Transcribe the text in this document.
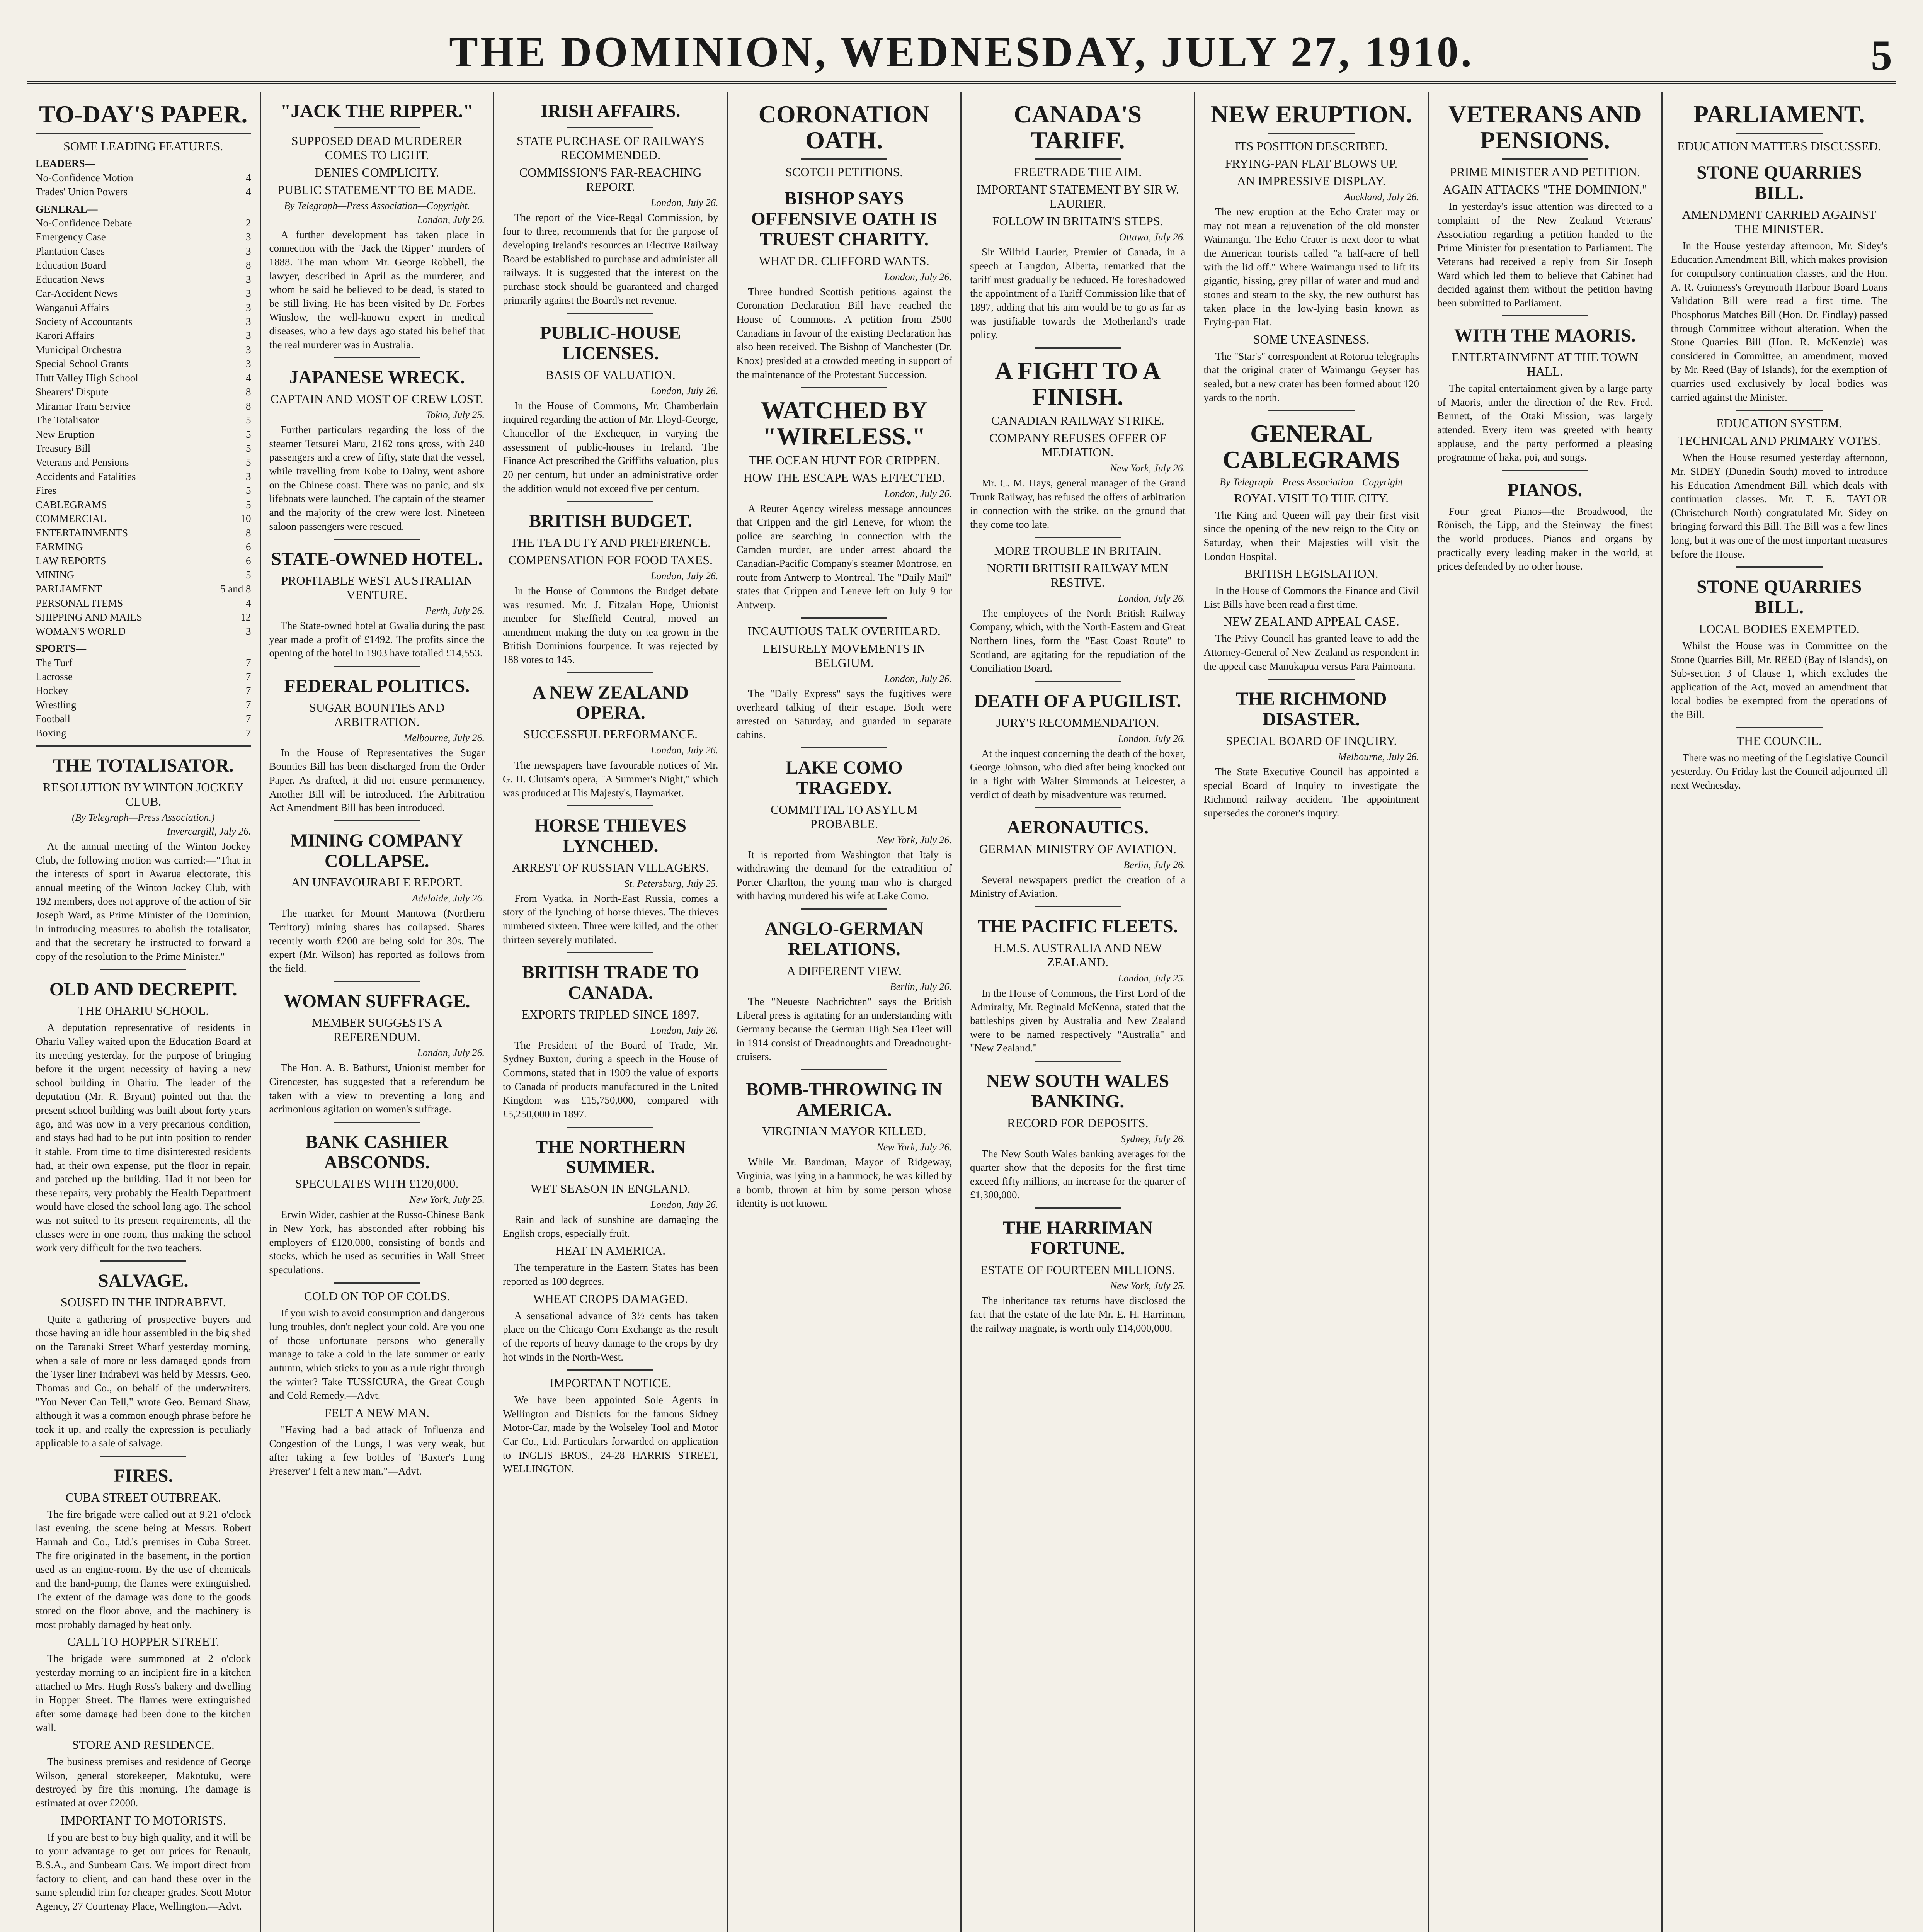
THE DOMINION, WEDNESDAY, JULY 27, 1910.	5
TO-DAY'S PAPER.
SOME LEADING FEATURES.
LEADERS—
No-Confidence Motion	4
Trades' Union Powers	4
GENERAL—
No-Confidence Debate	2
Emergency Case	3
Plantation Cases	3
Education Board	8
Education News	3
Car-Accident News	3
Wanganui Affairs	3
Society of Accountants	3
Karori Affairs	3
Municipal Orchestra	3
Special School Grants	3
Hutt Valley High School	4
Shearers' Dispute	8
Miramar Tram Service	8
The Totalisator	5
New Eruption	5
Treasury Bill	5
Veterans and Pensions	5
Accidents and Fatalities	3
Fires	5
CABLEGRAMS	5
COMMERCIAL	10
ENTERTAINMENTS	8
FARMING	6
LAW REPORTS	6
MINING	5
PARLIAMENT	5 and 8
PERSONAL ITEMS	4
SHIPPING AND MAILS	12
WOMAN'S WORLD	3
SPORTS—
The Turf	7
Lacrosse	7
Hockey	7
Wrestling	7
Football	7
Boxing	7
THE TOTALISATOR.
RESOLUTION BY WINTON JOCKEY CLUB.
(By Telegraph—Press Association.)
Invercargill, July 26.
At the annual meeting of the Winton Jockey Club, the following motion was carried:—"That in the interests of sport in Awarua electorate, this annual meeting of the Winton Jockey Club, with 192 members, does not approve of the action of Sir Joseph Ward, as Prime Minister of the Dominion, in introducing measures to abolish the totalisator, and that the secretary be instructed to forward a copy of the resolution to the Prime Minister."
OLD AND DECREPIT.
THE OHARIU SCHOOL.
A deputation representative of residents in Ohariu Valley waited upon the Education Board at its meeting yesterday, for the purpose of bringing before it the urgent necessity of having a new school building in Ohariu. The leader of the deputation (Mr. R. Bryant) pointed out that the present school building was built about forty years ago, and was now in a very precarious condition, and stays had had to be put into position to render it stable. From time to time disinterested residents had, at their own expense, put the floor in repair, and patched up the building. Had it not been for these repairs, very probably the Health Department would have closed the school long ago. The school was not suited to its present requirements, all the classes were in one room, thus making the school work very difficult for the two teachers.
SALVAGE.
SOUSED IN THE INDRABEVI.
Quite a gathering of prospective buyers and those having an idle hour assembled in the big shed on the Taranaki Street Wharf yesterday morning, when a sale of more or less damaged goods from the Tyser liner Indrabevi was held by Messrs. Geo. Thomas and Co., on behalf of the underwriters. "You Never Can Tell," wrote Geo. Bernard Shaw, although it was a common enough phrase before he took it up, and really the expression is peculiarly applicable to a sale of salvage.
FIRES.
CUBA STREET OUTBREAK.
The fire brigade were called out at 9.21 o'clock last evening, the scene being at Messrs. Robert Hannah and Co., Ltd.'s premises in Cuba Street. The fire originated in the basement, in the portion used as an engine-room. By the use of chemicals and the hand-pump, the flames were extinguished. The extent of the damage was done to the goods stored on the floor above, and the machinery is most probably damaged by heat only.
CALL TO HOPPER STREET.
The brigade were summoned at 2 o'clock yesterday morning to an incipient fire in a kitchen attached to Mrs. Hugh Ross's bakery and dwelling in Hopper Street. The flames were extinguished after some damage had been done to the kitchen wall.
STORE AND RESIDENCE.
The business premises and residence of George Wilson, general storekeeper, Makotuku, were destroyed by fire this morning. The damage is estimated at over £2000.
IMPORTANT TO MOTORISTS.
If you are best to buy high quality, and it will be to your advantage to get our prices for Renault, B.S.A., and Sunbeam Cars. We import direct from factory to client, and can hand these over in the same splendid trim for cheaper grades. Scott Motor Agency, 27 Courtenay Place, Wellington.—Advt.
"JACK THE RIPPER."
SUPPOSED DEAD MURDERER COMES TO LIGHT.
DENIES COMPLICITY.
PUBLIC STATEMENT TO BE MADE.
By Telegraph—Press Association—Copyright.
London, July 26.
A further development has taken place in connection with the "Jack the Ripper" murders of 1888. The man whom Mr. George Robbell, the lawyer, described in April as the murderer, and whom he said he believed to be dead, is stated to be still living. He has been visited by Dr. Forbes Winslow, the well-known expert in medical diseases, who a few days ago stated his belief that the real murderer was in Australia.
JAPANESE WRECK.
CAPTAIN AND MOST OF CREW LOST.
Tokio, July 25.
Further particulars regarding the loss of the steamer Tetsurei Maru, 2162 tons gross, with 240 passengers and a crew of fifty, state that the vessel, while travelling from Kobe to Dalny, went ashore on the Chinese coast. There was no panic, and six lifeboats were launched. The captain of the steamer and the majority of the crew were lost. Nineteen saloon passengers were rescued.
STATE-OWNED HOTEL.
PROFITABLE WEST AUSTRALIAN VENTURE.
Perth, July 26.
The State-owned hotel at Gwalia during the past year made a profit of £1492. The profits since the opening of the hotel in 1903 have totalled £14,553.
FEDERAL POLITICS.
SUGAR BOUNTIES AND ARBITRATION.
Melbourne, July 26.
In the House of Representatives the Sugar Bounties Bill has been discharged from the Order Paper. As drafted, it did not ensure permanency. Another Bill will be introduced. The Arbitration Act Amendment Bill has been introduced.
MINING COMPANY COLLAPSE.
AN UNFAVOURABLE REPORT.
Adelaide, July 26.
The market for Mount Mantowa (Northern Territory) mining shares has collapsed. Shares recently worth £200 are being sold for 30s. The expert (Mr. Wilson) has reported as follows from the field.
WOMAN SUFFRAGE.
MEMBER SUGGESTS A REFERENDUM.
London, July 26.
The Hon. A. B. Bathurst, Unionist member for Cirencester, has suggested that a referendum be taken with a view to preventing a long and acrimonious agitation on women's suffrage.
BANK CASHIER ABSCONDS.
SPECULATES WITH £120,000.
New York, July 25.
Erwin Wider, cashier at the Russo-Chinese Bank in New York, has absconded after robbing his employers of £120,000, consisting of bonds and stocks, which he used as securities in Wall Street speculations.
COLD ON TOP OF COLDS.
If you wish to avoid consumption and dangerous lung troubles, don't neglect your cold. Are you one of those unfortunate persons who generally manage to take a cold in the late summer or early autumn, which sticks to you as a rule right through the winter? Take TUSSICURA, the Great Cough and Cold Remedy.—Advt.
FELT A NEW MAN.
"Having had a bad attack of Influenza and Congestion of the Lungs, I was very weak, but after taking a few bottles of 'Baxter's Lung Preserver' I felt a new man."—Advt.
IRISH AFFAIRS.
STATE PURCHASE OF RAILWAYS RECOMMENDED.
COMMISSION'S FAR-REACHING REPORT.
London, July 26.
The report of the Vice-Regal Commission, by four to three, recommends that for the purpose of developing Ireland's resources an Elective Railway Board be established to purchase and administer all railways. It is suggested that the interest on the purchase stock should be guaranteed and charged primarily against the Board's net revenue.
PUBLIC-HOUSE LICENSES.
BASIS OF VALUATION.
London, July 26.
In the House of Commons, Mr. Chamberlain inquired regarding the action of Mr. Lloyd-George, Chancellor of the Exchequer, in varying the assessment of public-houses in Ireland. The Finance Act prescribed the Griffiths valuation, plus 20 per centum, but under an administrative order the addition would not exceed five per centum.
BRITISH BUDGET.
THE TEA DUTY AND PREFERENCE.
COMPENSATION FOR FOOD TAXES.
London, July 26.
In the House of Commons the Budget debate was resumed. Mr. J. Fitzalan Hope, Unionist member for Sheffield Central, moved an amendment making the duty on tea grown in the British Dominions fourpence. It was rejected by 188 votes to 145.
A NEW ZEALAND OPERA.
SUCCESSFUL PERFORMANCE.
London, July 26.
The newspapers have favourable notices of Mr. G. H. Clutsam's opera, "A Summer's Night," which was produced at His Majesty's, Haymarket.
HORSE THIEVES LYNCHED.
ARREST OF RUSSIAN VILLAGERS.
St. Petersburg, July 25.
From Vyatka, in North-East Russia, comes a story of the lynching of horse thieves. The thieves numbered sixteen. Three were killed, and the other thirteen severely mutilated.
BRITISH TRADE TO CANADA.
EXPORTS TRIPLED SINCE 1897.
London, July 26.
The President of the Board of Trade, Mr. Sydney Buxton, during a speech in the House of Commons, stated that in 1909 the value of exports to Canada of products manufactured in the United Kingdom was £15,750,000, compared with £5,250,000 in 1897.
THE NORTHERN SUMMER.
WET SEASON IN ENGLAND.
London, July 26.
Rain and lack of sunshine are damaging the English crops, especially fruit.
HEAT IN AMERICA.
The temperature in the Eastern States has been reported as 100 degrees.
WHEAT CROPS DAMAGED.
A sensational advance of 3½ cents has taken place on the Chicago Corn Exchange as the result of the reports of heavy damage to the crops by dry hot winds in the North-West.
IMPORTANT NOTICE.
We have been appointed Sole Agents in Wellington and Districts for the famous Sidney Motor-Car, made by the Wolseley Tool and Motor Car Co., Ltd. Particulars forwarded on application to INGLIS BROS., 24-28 HARRIS STREET, WELLINGTON.
CORONATION OATH.
SCOTCH PETITIONS.
BISHOP SAYS OFFENSIVE OATH IS TRUEST CHARITY.
WHAT DR. CLIFFORD WANTS.
London, July 26.
Three hundred Scottish petitions against the Coronation Declaration Bill have reached the House of Commons. A petition from 2500 Canadians in favour of the existing Declaration has also been received. The Bishop of Manchester (Dr. Knox) presided at a crowded meeting in support of the maintenance of the Protestant Succession.
WATCHED BY "WIRELESS."
THE OCEAN HUNT FOR CRIPPEN.
HOW THE ESCAPE WAS EFFECTED.
London, July 26.
A Reuter Agency wireless message announces that Crippen and the girl Leneve, for whom the police are searching in connection with the Camden murder, are under arrest aboard the Canadian-Pacific Company's steamer Montrose, en route from Antwerp to Montreal. The "Daily Mail" states that Crippen and Leneve left on July 9 for Antwerp.
INCAUTIOUS TALK OVERHEARD.
LEISURELY MOVEMENTS IN BELGIUM.
London, July 26.
The "Daily Express" says the fugitives were overheard talking of their escape. Both were arrested on Saturday, and guarded in separate cabins.
LAKE COMO TRAGEDY.
COMMITTAL TO ASYLUM PROBABLE.
New York, July 26.
It is reported from Washington that Italy is withdrawing the demand for the extradition of Porter Charlton, the young man who is charged with having murdered his wife at Lake Como.
ANGLO-GERMAN RELATIONS.
A DIFFERENT VIEW.
Berlin, July 26.
The "Neueste Nachrichten" says the British Liberal press is agitating for an understanding with Germany because the German High Sea Fleet will in 1914 consist of Dreadnoughts and Dreadnought-cruisers.
BOMB-THROWING IN AMERICA.
VIRGINIAN MAYOR KILLED.
New York, July 26.
While Mr. Bandman, Mayor of Ridgeway, Virginia, was lying in a hammock, he was killed by a bomb, thrown at him by some person whose identity is not known.
CANADA'S TARIFF.
FREETRADE THE AIM.
IMPORTANT STATEMENT BY SIR W. LAURIER.
FOLLOW IN BRITAIN'S STEPS.
Ottawa, July 26.
Sir Wilfrid Laurier, Premier of Canada, in a speech at Langdon, Alberta, remarked that the tariff must gradually be reduced. He foreshadowed the appointment of a Tariff Commission like that of 1897, adding that his aim would be to go as far as was justifiable towards the Motherland's trade policy.
A FIGHT TO A FINISH.
CANADIAN RAILWAY STRIKE.
COMPANY REFUSES OFFER OF MEDIATION.
New York, July 26.
Mr. C. M. Hays, general manager of the Grand Trunk Railway, has refused the offers of arbitration in connection with the strike, on the ground that they come too late.
MORE TROUBLE IN BRITAIN.
NORTH BRITISH RAILWAY MEN RESTIVE.
London, July 26.
The employees of the North British Railway Company, which, with the North-Eastern and Great Northern lines, form the "East Coast Route" to Scotland, are agitating for the repudiation of the Conciliation Board.
DEATH OF A PUGILIST.
JURY'S RECOMMENDATION.
London, July 26.
At the inquest concerning the death of the boxer, George Johnson, who died after being knocked out in a fight with Walter Simmonds at Leicester, a verdict of death by misadventure was returned.
AERONAUTICS.
GERMAN MINISTRY OF AVIATION.
Berlin, July 26.
Several newspapers predict the creation of a Ministry of Aviation.
THE PACIFIC FLEETS.
H.M.S. AUSTRALIA AND NEW ZEALAND.
London, July 25.
In the House of Commons, the First Lord of the Admiralty, Mr. Reginald McKenna, stated that the battleships given by Australia and New Zealand were to be named respectively "Australia" and "New Zealand."
NEW SOUTH WALES BANKING.
RECORD FOR DEPOSITS.
Sydney, July 26.
The New South Wales banking averages for the quarter show that the deposits for the first time exceed fifty millions, an increase for the quarter of £1,300,000.
THE HARRIMAN FORTUNE.
ESTATE OF FOURTEEN MILLIONS.
New York, July 25.
The inheritance tax returns have disclosed the fact that the estate of the late Mr. E. H. Harriman, the railway magnate, is worth only £14,000,000.
NEW ERUPTION.
ITS POSITION DESCRIBED.
FRYING-PAN FLAT BLOWS UP.
AN IMPRESSIVE DISPLAY.
Auckland, July 26.
The new eruption at the Echo Crater may or may not mean a rejuvenation of the old monster Waimangu. The Echo Crater is next door to what the American tourists called "a half-acre of hell with the lid off." Where Waimangu used to lift its gigantic, hissing, grey pillar of water and mud and stones and steam to the sky, the new outburst has taken place in the low-lying basin known as Frying-pan Flat.
SOME UNEASINESS.
The "Star's" correspondent at Rotorua telegraphs that the original crater of Waimangu Geyser has sealed, but a new crater has been formed about 120 yards to the north.
GENERAL CABLEGRAMS
By Telegraph—Press Association—Copyright
ROYAL VISIT TO THE CITY.
The King and Queen will pay their first visit since the opening of the new reign to the City on Saturday, when their Majesties will visit the London Hospital.
BRITISH LEGISLATION.
In the House of Commons the Finance and Civil List Bills have been read a first time.
NEW ZEALAND APPEAL CASE.
The Privy Council has granted leave to add the Attorney-General of New Zealand as respondent in the appeal case Manukapua versus Para Paimoana.
THE RICHMOND DISASTER.
SPECIAL BOARD OF INQUIRY.
Melbourne, July 26.
The State Executive Council has appointed a special Board of Inquiry to investigate the Richmond railway accident. The appointment supersedes the coroner's inquiry.
VETERANS AND PENSIONS.
PRIME MINISTER AND PETITION.
AGAIN ATTACKS "THE DOMINION."
In yesterday's issue attention was directed to a complaint of the New Zealand Veterans' Association regarding a petition handed to the Prime Minister for presentation to Parliament. The Veterans had received a reply from Sir Joseph Ward which led them to believe that Cabinet had decided against them without the petition having been submitted to Parliament.
WITH THE MAORIS.
ENTERTAINMENT AT THE TOWN HALL.
The capital entertainment given by a large party of Maoris, under the direction of the Rev. Fred. Bennett, of the Otaki Mission, was largely attended. Every item was greeted with hearty applause, and the party performed a pleasing programme of haka, poi, and songs.
PIANOS.
Four great Pianos—the Broadwood, the Rönisch, the Lipp, and the Steinway—the finest the world produces. Pianos and organs by practically every leading maker in the world, at prices defended by no other house.
PARLIAMENT.
EDUCATION MATTERS DISCUSSED.
STONE QUARRIES BILL.
AMENDMENT CARRIED AGAINST THE MINISTER.
In the House yesterday afternoon, Mr. Sidey's Education Amendment Bill, which makes provision for compulsory continuation classes, and the Hon. A. R. Guinness's Greymouth Harbour Board Loans Validation Bill were read a first time. The Phosphorus Matches Bill (Hon. Dr. Findlay) passed through Committee without alteration. When the Stone Quarries Bill (Hon. R. McKenzie) was considered in Committee, an amendment, moved by Mr. Reed (Bay of Islands), for the exemption of quarries used exclusively by local bodies was carried against the Minister.
EDUCATION SYSTEM.
TECHNICAL AND PRIMARY VOTES.
When the House resumed yesterday afternoon, Mr. SIDEY (Dunedin South) moved to introduce his Education Amendment Bill, which deals with continuation classes. Mr. T. E. TAYLOR (Christchurch North) congratulated Mr. Sidey on bringing forward this Bill. The Bill was a few lines long, but it was one of the most important measures before the House.
STONE QUARRIES BILL.
LOCAL BODIES EXEMPTED.
Whilst the House was in Committee on the Stone Quarries Bill, Mr. REED (Bay of Islands), on Sub-section 3 of Clause 1, which excludes the application of the Act, moved an amendment that local bodies be exempted from the operations of the Bill.
THE COUNCIL.
There was no meeting of the Legislative Council yesterday. On Friday last the Council adjourned till next Wednesday.
